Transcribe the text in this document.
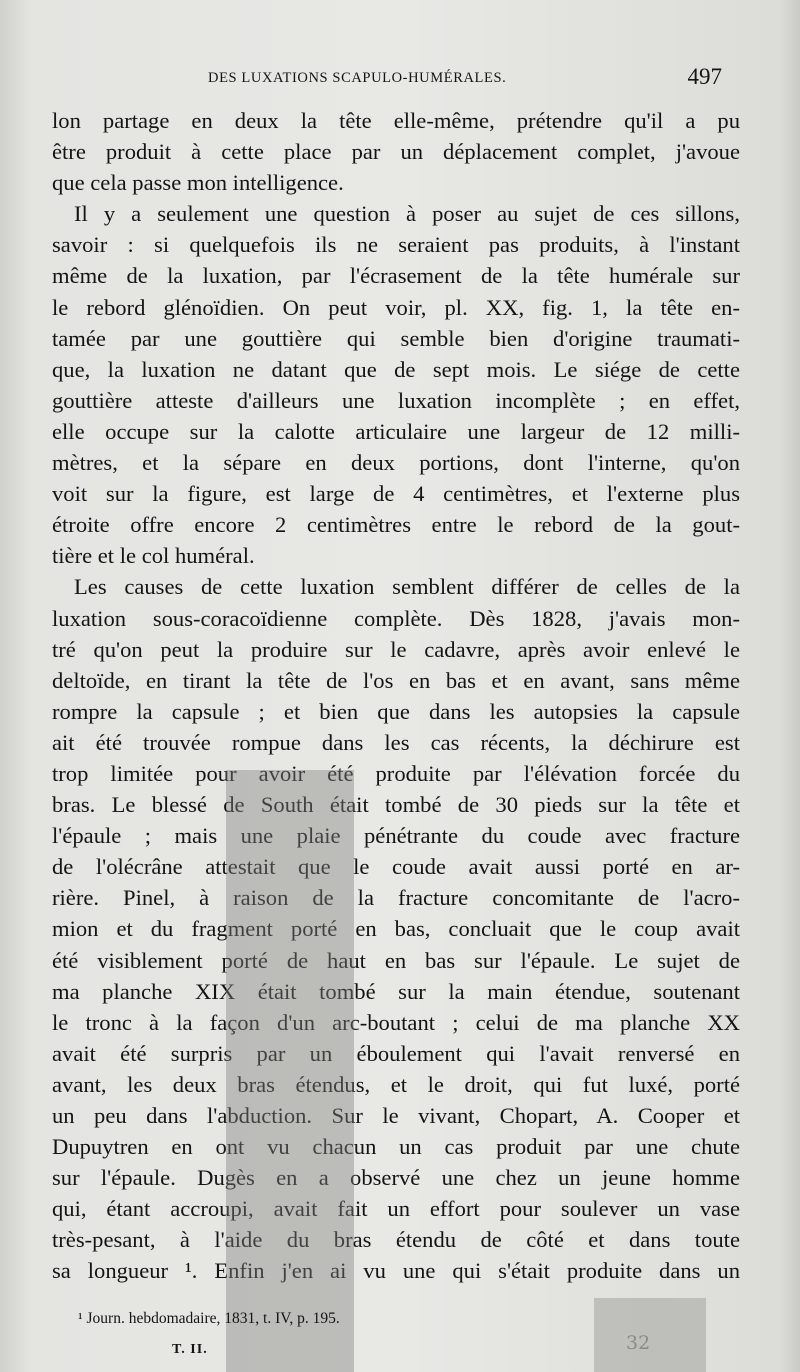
DES LUXATIONS SCAPULO-HUMÉRALES.	497
lon partage en deux la tête elle-même, prétendre qu'il a pu
être produit à cette place par un déplacement complet, j'avoue
que cela passe mon intelligence.
Il y a seulement une question à poser au sujet de ces sillons,
savoir : si quelquefois ils ne seraient pas produits, à l'instant
même de la luxation, par l'écrasement de la tête humérale sur
le rebord glénoïdien. On peut voir, pl. XX, fig. 1, la tête en-
tamée par une gouttière qui semble bien d'origine traumati-
que, la luxation ne datant que de sept mois. Le siége de cette
gouttière atteste d'ailleurs une luxation incomplète ; en effet,
elle occupe sur la calotte articulaire une largeur de 12 milli-
mètres, et la sépare en deux portions, dont l'interne, qu'on
voit sur la figure, est large de 4 centimètres, et l'externe plus
étroite offre encore 2 centimètres entre le rebord de la gout-
tière et le col huméral.
Les causes de cette luxation semblent différer de celles de la
luxation sous-coracoïdienne complète. Dès 1828, j'avais mon-
tré qu'on peut la produire sur le cadavre, après avoir enlevé le
deltoïde, en tirant la tête de l'os en bas et en avant, sans même
rompre la capsule ; et bien que dans les autopsies la capsule
ait été trouvée rompue dans les cas récents, la déchirure est
trop limitée pour avoir été produite par l'élévation forcée du
bras. Le blessé de South était tombé de 30 pieds sur la tête et
l'épaule ; mais une plaie pénétrante du coude avec fracture
de l'olécrâne attestait que le coude avait aussi porté en ar-
rière. Pinel, à raison de la fracture concomitante de l'acro-
mion et du fragment porté en bas, concluait que le coup avait
été visiblement porté de haut en bas sur l'épaule. Le sujet de
ma planche XIX était tombé sur la main étendue, soutenant
le tronc à la façon d'un arc-boutant ; celui de ma planche XX
avait été surpris par un éboulement qui l'avait renversé en
avant, les deux bras étendus, et le droit, qui fut luxé, porté
un peu dans l'abduction. Sur le vivant, Chopart, A. Cooper et
Dupuytren en ont vu chacun un cas produit par une chute
sur l'épaule. Dugès en a observé une chez un jeune homme
qui, étant accroupi, avait fait un effort pour soulever un vase
très-pesant, à l'aide du bras étendu de côté et dans toute
sa longueur ¹. Enfin j'en ai vu une qui s'était produite dans un
32
¹ Journ. hebdomadaire, 1831, t. IV, p. 195.
T. II.
